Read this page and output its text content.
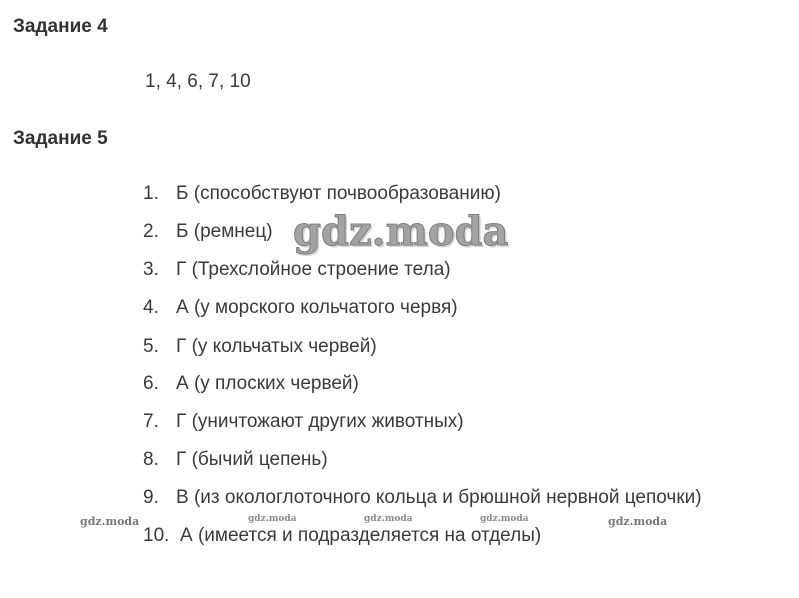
Задание 4
1, 4, 6, 7, 10
Задание 5
1. Б (способствуют почвообразованию)
2. Б (ремнец)
3. Г (Трехслойное строение тела)
4. А (у морского кольчатого червя)
5. Г (у кольчатых червей)
6. А (у плоских червей)
7. Г (уничтожают других животных)
8. Г (бычий цепень)
9. В (из окологлоточного кольца и брюшной нервной цепочки)
10. А (имеется и подразделяется на отделы)
gdz.moda
gdz.moda	gdz.moda	gdz.moda	gdz.moda	gdz.moda
